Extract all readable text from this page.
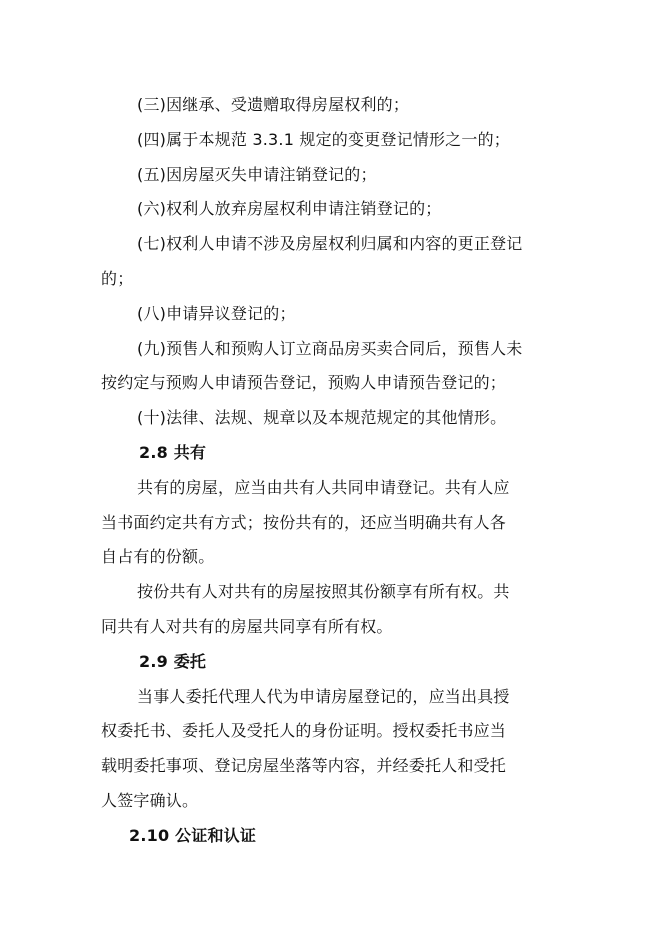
(三)因继承、受遗赠取得房屋权利的；
(四)属于本规范 3.3.1 规定的变更登记情形之一的；
(五)因房屋灭失申请注销登记的；
(六)权利人放弃房屋权利申请注销登记的；
(七)权利人申请不涉及房屋权利归属和内容的更正登记
的；
(八)申请异议登记的；
(九)预售人和预购人订立商品房买卖合同后，预售人未
按约定与预购人申请预告登记，预购人申请预告登记的；
(十)法律、法规、规章以及本规范规定的其他情形。
2.8 共有
共有的房屋，应当由共有人共同申请登记。共有人应
当书面约定共有方式；按份共有的，还应当明确共有人各
自占有的份额。
按份共有人对共有的房屋按照其份额享有所有权。共
同共有人对共有的房屋共同享有所有权。
2.9 委托
当事人委托代理人代为申请房屋登记的，应当出具授
权委托书、委托人及受托人的身份证明。授权委托书应当
载明委托事项、登记房屋坐落等内容，并经委托人和受托
人签字确认。
2.10 公证和认证
